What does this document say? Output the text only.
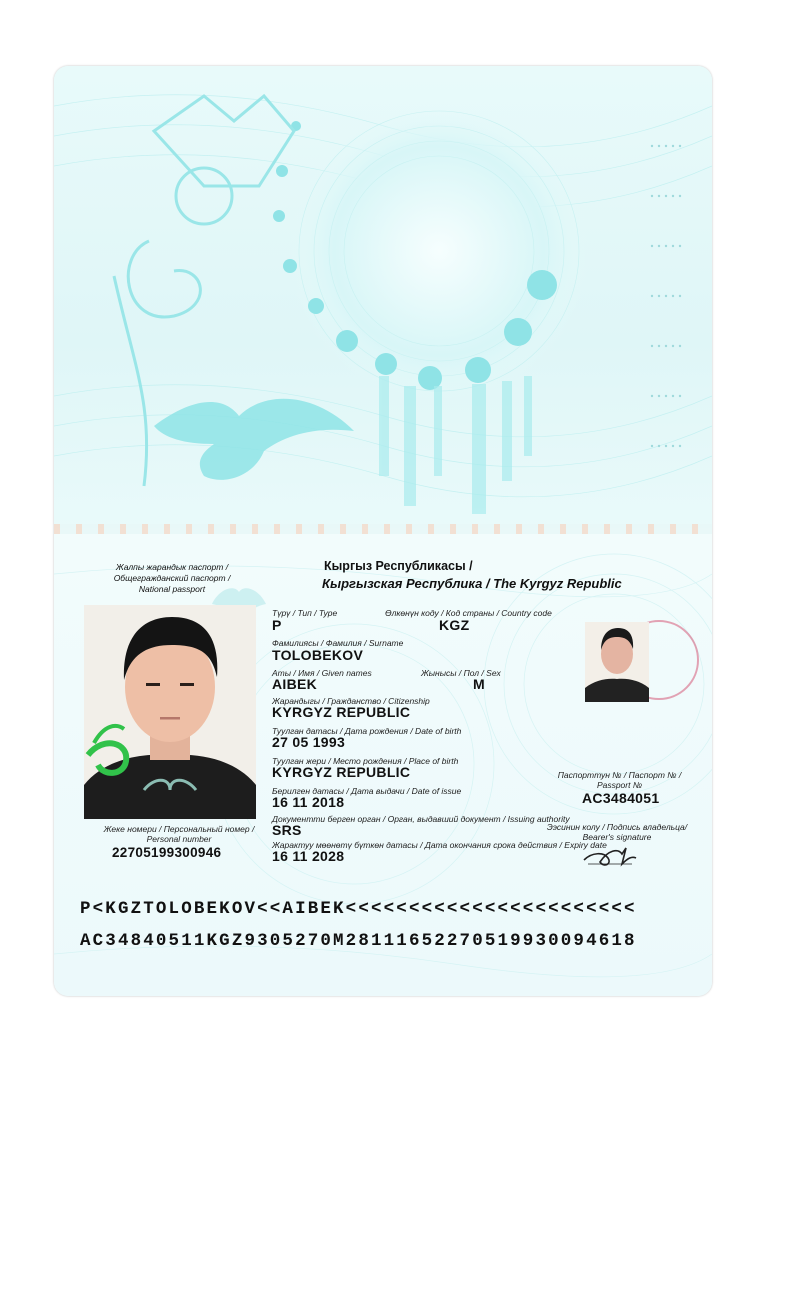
Жалпы жарандык паспорт /
Общегражданский паспорт /
National passport
Кыргыз Республикасы /
Кыргызская Республика / The Kyrgyz Republic
Жеке номери / Персональный номер /
Personal number
22705199300946
Түрү / Тип / Type
P
Өлкөнүн коду / Код страны / Country code
KGZ
Фамилиясы / Фамилия / Surname
TOLOBEKOV
Аты / Имя / Given names
AIBEK
Жынысы / Пол / Sex
M
Жарандыгы / Гражданство / Citizenship
KYRGYZ REPUBLIC
Туулган датасы / Дата рождения / Date of birth
27 05 1993
Туулган жери / Место рождения / Place of birth
KYRGYZ REPUBLIC
Берилген датасы / Дата выдачи / Date of issue
16 11 2018
Документти берген орган / Орган, выдавший документ / Issuing authority
SRS
Жарактуу мөөнөтү бүткөн датасы / Дата окончания срока действия / Expiry date
16 11 2028
Паспорттун № / Паспорт № /
Passport №
AC3484051
Ээсинин колу / Подпись владельца/
Bearer's signature
P<KGZTOLOBEKOV<<AIBEK<<<<<<<<<<<<<<<<<<<<<<<
AC34840511KGZ9305270M28111652270519930094618
